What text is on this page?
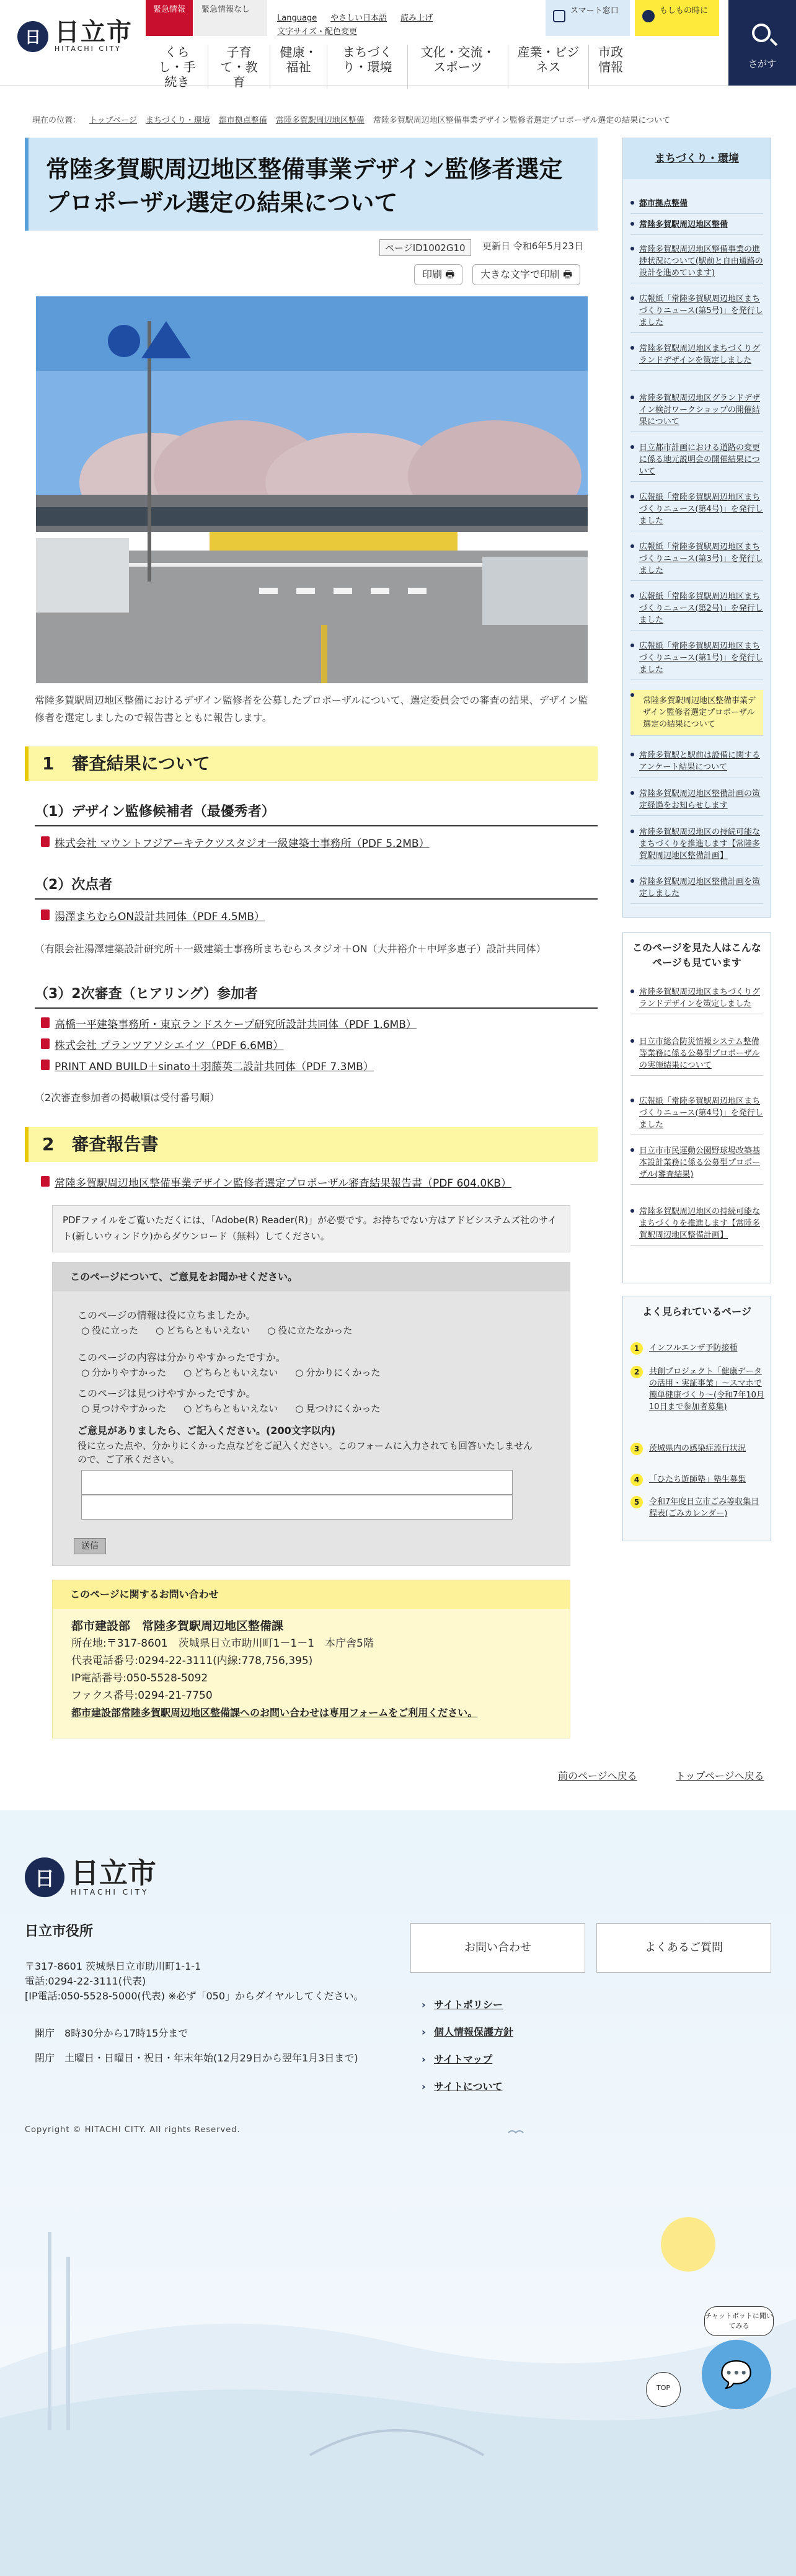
日 日立市
HITACHI CITY
緊急情報	緊急情報なし
Language やさしい日本語 読み上げ
文字サイズ・配色変更
スマート窓口	もしもの時に
くらし・手続き
子育て・教育
健康・福祉
まちづくり・環境
文化・交流・スポーツ
産業・ビジネス
市政情報	さがす
現在の位置： トップページ まちづくり・環境 都市拠点整備 常陸多賀駅周辺地区整備 常陸多賀駅周辺地区整備事業デザイン監修者選定プロポーザル選定の結果について
常陸多賀駅周辺地区整備事業デザイン監修者選定プロポーザル選定の結果について
ページID1002G10	更新日 令和6年5月23日
印刷 🖶	大きな文字で印刷 🖶
常陸多賀駅周辺地区整備におけるデザイン監修者を公募したプロポーザルについて、選定委員会での審査の結果、デザイン監修者を選定しましたので報告書とともに報告します。
1　審査結果について
（1）デザイン監修候補者（最優秀者）
株式会社 マウントフジアーキテクツスタジオ一級建築士事務所（PDF 5.2MB）
（2）次点者
湯澤まちむらON設計共同体（PDF 4.5MB）
（有限会社湯澤建築設計研究所＋一級建築士事務所まちむらスタジオ＋ON（大井裕介＋中坪多恵子）設計共同体）
（3）2次審査（ヒアリング）参加者
高橋一平建築事務所・東京ランドスケープ研究所設計共同体（PDF 1.6MB）
株式会社 プランツアソシエイツ（PDF 6.6MB）
PRINT AND BUILD＋sinato＋羽藤英二設計共同体（PDF 7.3MB）
（2次審査参加者の掲載順は受付番号順）
2　審査報告書
常陸多賀駅周辺地区整備事業デザイン監修者選定プロポーザル審査結果報告書（PDF 604.0KB）
PDFファイルをご覧いただくには、「Adobe(R) Reader(R)」が必要です。お持ちでない方はアドビシステムズ社のサイト(新しいウィンドウ)からダウンロード（無料）してください。
このページについて、ご意見をお聞かせください。
このページの情報は役に立ちましたか。
○ 役に立った	○ どちらともいえない	○ 役に立たなかった
このページの内容は分かりやすかったですか。
○ 分かりやすかった	○ どちらともいえない	○ 分かりにくかった
このページは見つけやすかったですか。
○ 見つけやすかった	○ どちらともいえない	○ 見つけにくかった
ご意見がありましたら、ご記入ください。(200文字以内)
役に立った点や、分かりにくかった点などをご記入ください。このフォームに入力されても回答いたしませんので、ご了承ください。
送信
このページに関するお問い合わせ
都市建設部　常陸多賀駅周辺地区整備課
所在地:〒317-8601　茨城県日立市助川町1－1－1　本庁舎5階
代表電話番号:0294-22-3111(内線:778,756,395)
IP電話番号:050-5528-5092
ファクス番号:0294-21-7750
都市建設部常陸多賀駅周辺地区整備課へのお問い合わせは専用フォームをご利用ください。
前のページへ戻る	トップページへ戻る
まちづくり・環境
都市拠点整備
常陸多賀駅周辺地区整備
常陸多賀駅周辺地区整備事業の進捗状況について(駅前と自由通路の設計を進めています)
広報紙「常陸多賀駅周辺地区まちづくりニュース(第5号)」を発行しました
常陸多賀駅周辺地区まちづくりグランドデザインを策定しました
常陸多賀駅周辺地区グランドデザイン検討ワークショップの開催結果について
日立都市計画における道路の変更に係る地元説明会の開催結果について
広報紙「常陸多賀駅周辺地区まちづくりニュース(第4号)」を発行しました
広報紙「常陸多賀駅周辺地区まちづくりニュース(第3号)」を発行しました
広報紙「常陸多賀駅周辺地区まちづくりニュース(第2号)」を発行しました
広報紙「常陸多賀駅周辺地区まちづくりニュース(第1号)」を発行しました
常陸多賀駅周辺地区整備事業デザイン監修者選定プロポーザル選定の結果について
常陸多賀駅と駅前は設備に関するアンケート結果について
常陸多賀駅周辺地区整備計画の策定経過をお知らせします
常陸多賀駅周辺地区の持続可能なまちづくりを推進します【常陸多賀駅周辺地区整備計画】
常陸多賀駅周辺地区整備計画を策定しました
このページを見た人はこんなページも見ています
常陸多賀駅周辺地区まちづくりグランドデザインを策定しました
日立市総合防災情報システム整備等業務に係る公募型プロポーザルの実施結果について
広報紙「常陸多賀駅周辺地区まちづくりニュース(第4号)」を発行しました
日立市市民運動公園野球場改築基本設計業務に係る公募型プロポーザル(審査結果)
常陸多賀駅周辺地区の持続可能なまちづくりを推進します【常陸多賀駅周辺地区整備計画】
よく見られているページ
1	インフルエンザ予防接種
2	共創プロジェクト「健康データの活用・実証事業」～スマホで簡単健康づくり～(令和7年10月10日まで参加者募集)
3	茨城県内の感染症流行状況
4	「ひたち遊師塾」塾生募集
5	令和7年度日立市ごみ等収集日程表(ごみカレンダー)
日 日立市
HITACHI CITY
日立市役所
〒317-8601 茨城県日立市助川町1-1-1
電話:0294-22-3111(代表)
[IP電話:050-5528-5000(代表) ※必ず「050」からダイヤルしてください。
開庁　 8時30分から17時15分まで
閉庁　 土曜日・日曜日・祝日・年末年始(12月29日から翌年1月3日まで)
お問い合わせ	よくあるご質問
› サイトポリシー
› 個人情報保護方針
› サイトマップ
› サイトについて
Copyright © HITACHI CITY. All rights Reserved.
チャットボットに聞いてみる
💬
TOP
